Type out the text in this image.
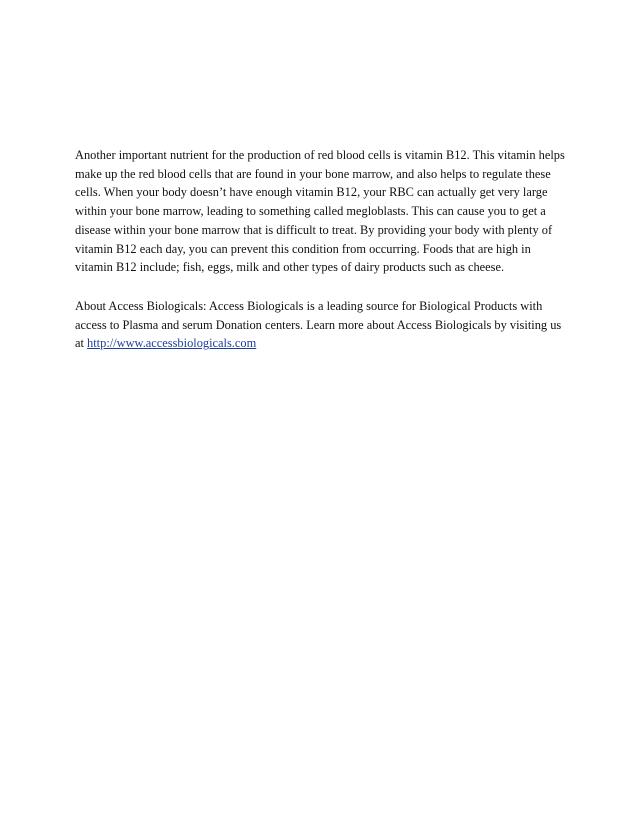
Another important nutrient for the production of red blood cells is vitamin B12. This vitamin helps make up the red blood cells that are found in your bone marrow, and also helps to regulate these cells. When your body doesn’t have enough vitamin B12, your RBC can actually get very large within your bone marrow, leading to something called megloblasts. This can cause you to get a disease within your bone marrow that is difficult to treat. By providing your body with plenty of vitamin B12 each day, you can prevent this condition from occurring. Foods that are high in vitamin B12 include; fish, eggs, milk and other types of dairy products such as cheese.

About Access Biologicals: Access Biologicals is a leading source for Biological Products with access to Plasma and serum Donation centers. Learn more about Access Biologicals by visiting us at http://www.accessbiologicals.com
